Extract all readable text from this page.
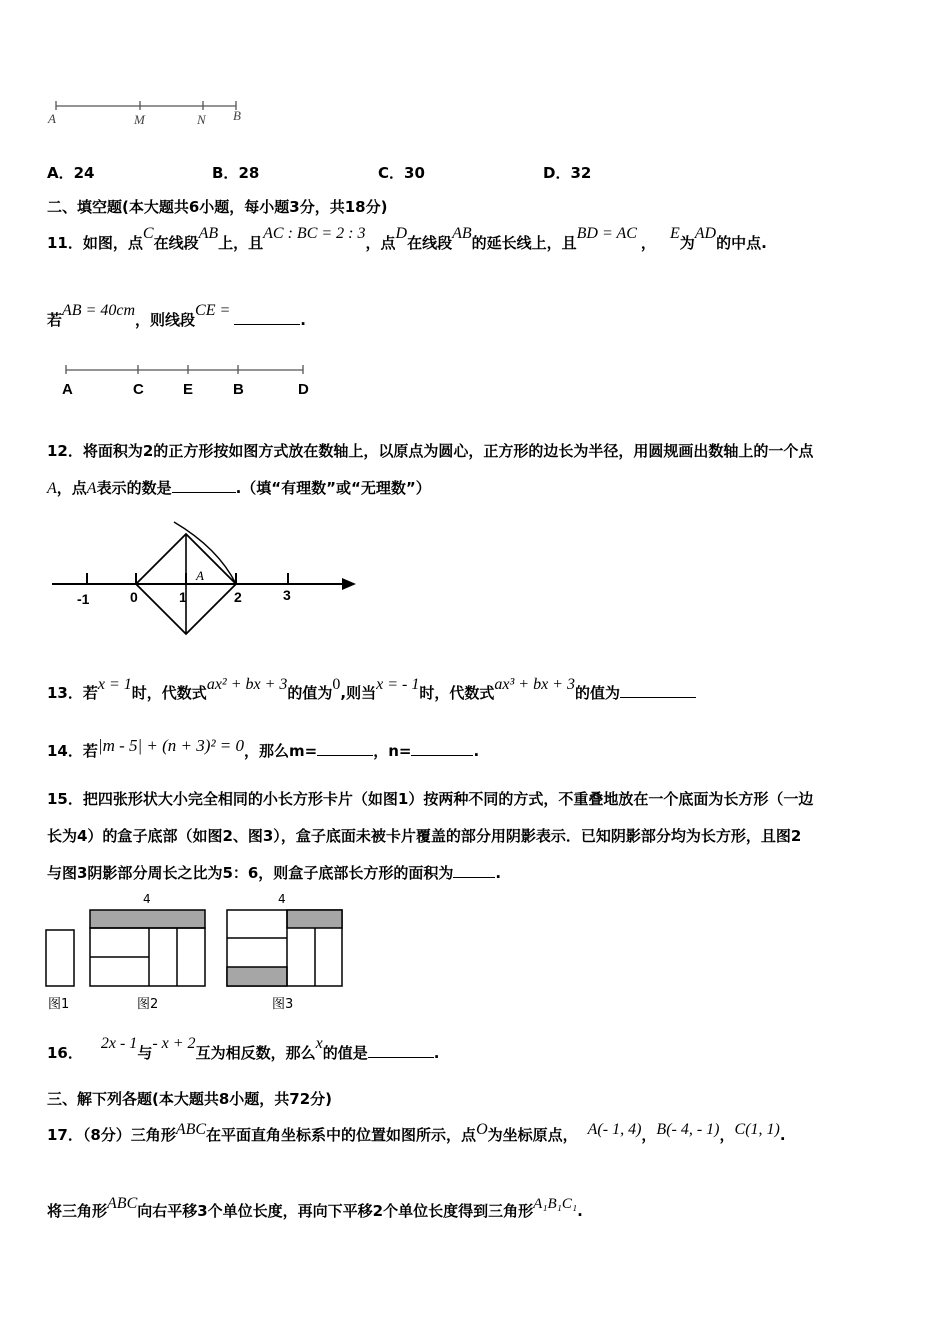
A	M	N B
A．24	B．28	C．30	D．32
二、填空题(本大题共6小题，每小题3分，共18分)
11．如图，点C在线段AB上，且AC : BC = 2 : 3，点D在线段AB的延长线上，且BD = AC，E为AD的中点.
若AB = 40cm，则线段CE =.
A	C	E	B	D
12．将面积为2的正方形按如图方式放在数轴上，以原点为圆心，正方形的边长为半径，用圆规画出数轴上的一个点
A，点A表示的数是	.（填“有理数”或“无理数”）
A
-1	0	1	2	3
13．若x = 1时，代数式ax² + bx + 3的值为0,则当x = - 1时，代数式ax³ + bx + 3的值为
14．若|m - 5| + (n + 3)² = 0，那么m=	，n=	.
15．把四张形状大小完全相同的小长方形卡片（如图1）按两种不同的方式，不重叠地放在一个底面为长方形（一边
长为4）的盒子底部（如图2、图3），盒子底面未被卡片覆盖的部分用阴影表示．已知阴影部分均为长方形，且图2
与图3阴影部分周长之比为5：6，则盒子底部长方形的面积为	.
4	4
图1	图2	图3
16．2x - 1与- x + 2互为相反数，那么x的值是	.
三、解下列各题(本大题共8小题，共72分)
17．（8分）三角形ABC在平面直角坐标系中的位置如图所示，点O为坐标原点， A(- 1, 4)，B(- 4, - 1)，C(1, 1).
将三角形ABC向右平移3个单位长度，再向下平移2个单位长度得到三角形A₁B₁C₁.
